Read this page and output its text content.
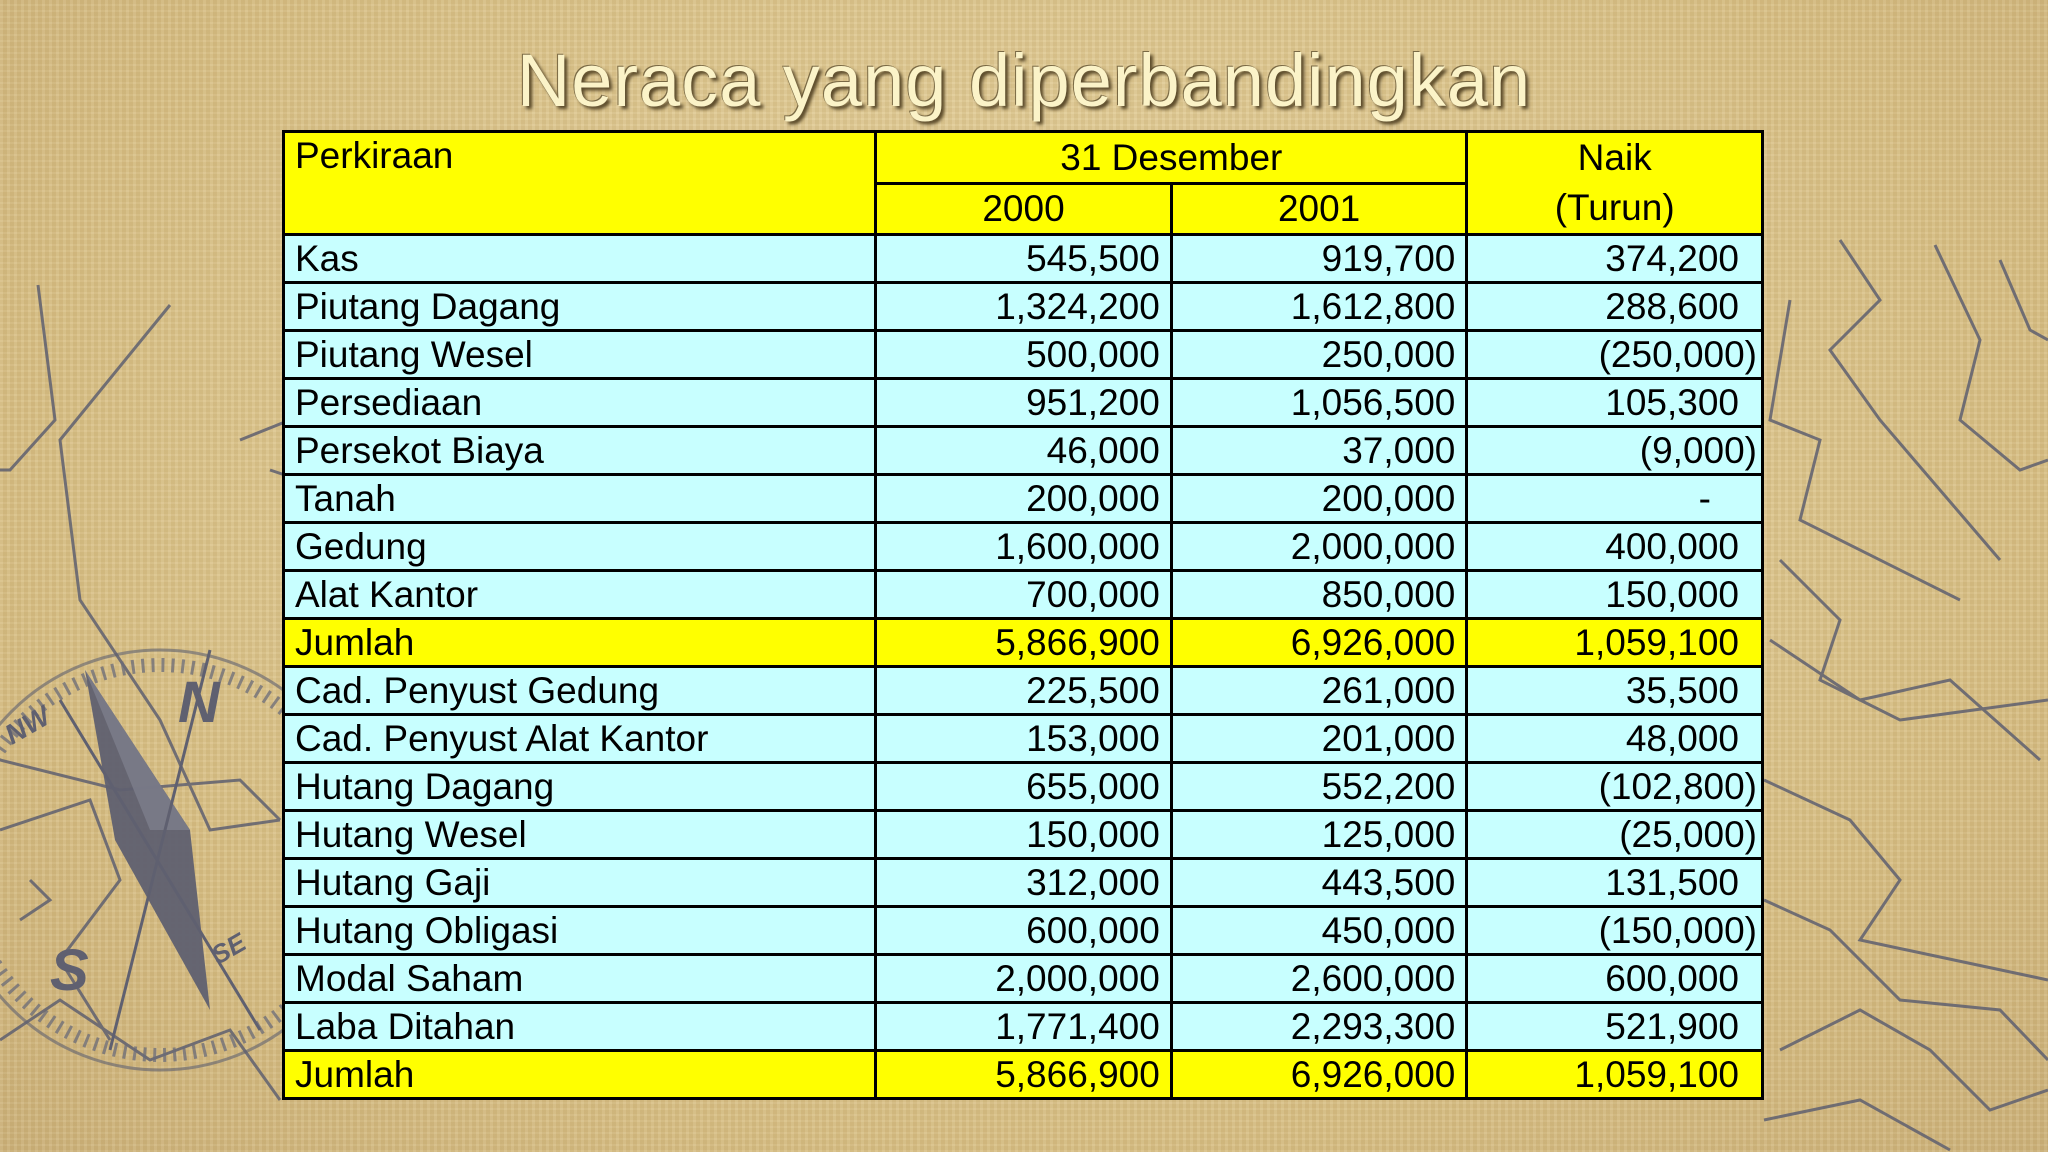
N
S
NW
SE
Neraca yang diperbandingkan
Perkiraan	31 Desember		Naik
(Turun)
	2000	2001	
Kas	545,500	919,700	374,200
Piutang Dagang	1,324,200	1,612,800	288,600
Piutang Wesel	500,000	250,000	(250,000)
Persediaan	951,200	1,056,500	105,300
Persekot Biaya	46,000	37,000	(9,000)
Tanah	200,000	200,000	-
Gedung	1,600,000	2,000,000	400,000
Alat Kantor	700,000	850,000	150,000
Jumlah	5,866,900	6,926,000	1,059,100
Cad. Penyust Gedung	225,500	261,000	35,500
Cad. Penyust Alat Kantor	153,000	201,000	48,000
Hutang Dagang	655,000	552,200	(102,800)
Hutang Wesel	150,000	125,000	(25,000)
Hutang Gaji	312,000	443,500	131,500
Hutang Obligasi	600,000	450,000	(150,000)
Modal Saham	2,000,000	2,600,000	600,000
Laba Ditahan	1,771,400	2,293,300	521,900
Jumlah	5,866,900	6,926,000	1,059,100
